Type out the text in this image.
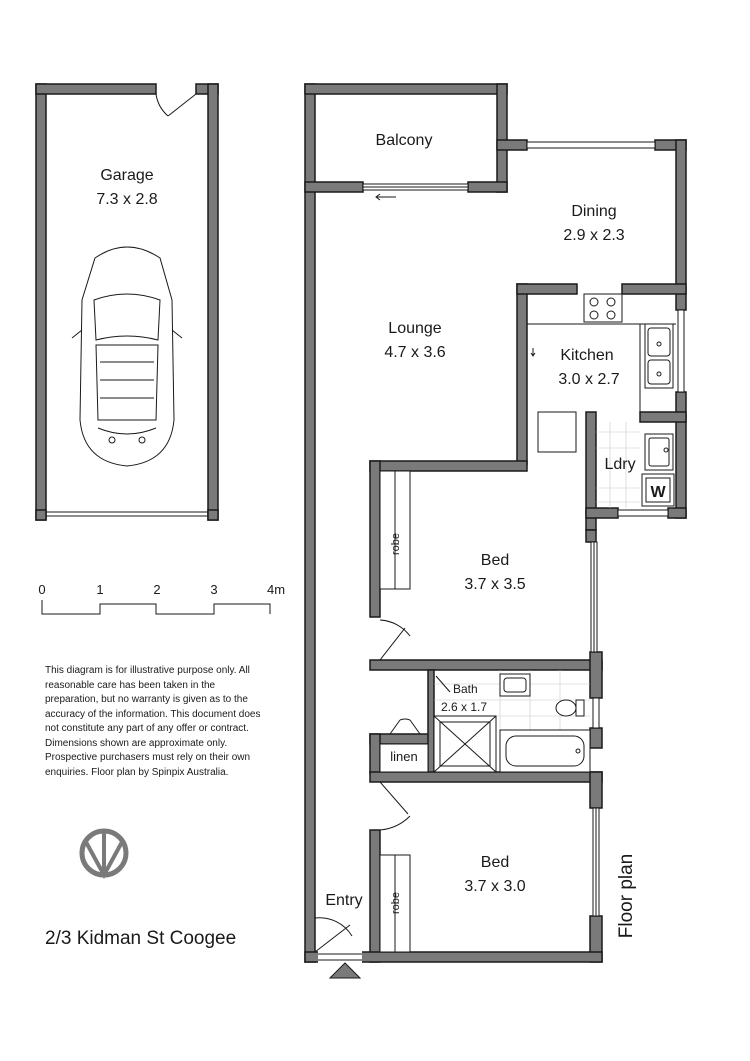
Garage
7.3 x 2.8
0	1	2	3	4m
W
Balcony
Dining
2.9 x 2.3
Lounge
4.7 x 3.6	Kitchen
3.0 x 2.7
Ldry
Bed
3.7 x 3.5
robe
Bath
2.6 x 1.7
linen
Bed
3.7 x 3.0
robe
Entry	Floor plan

This diagram is for illustrative purpose only. All reasonable care has been taken in the preparation, but no warranty is given as to the accuracy of the information. This document does not constitute any part of any offer or contract. Dimensions shown are approximate only. Prospective purchasers must rely on their own enquiries. Floor plan by Spinpix Australia.

2/3 Kidman St Coogee
